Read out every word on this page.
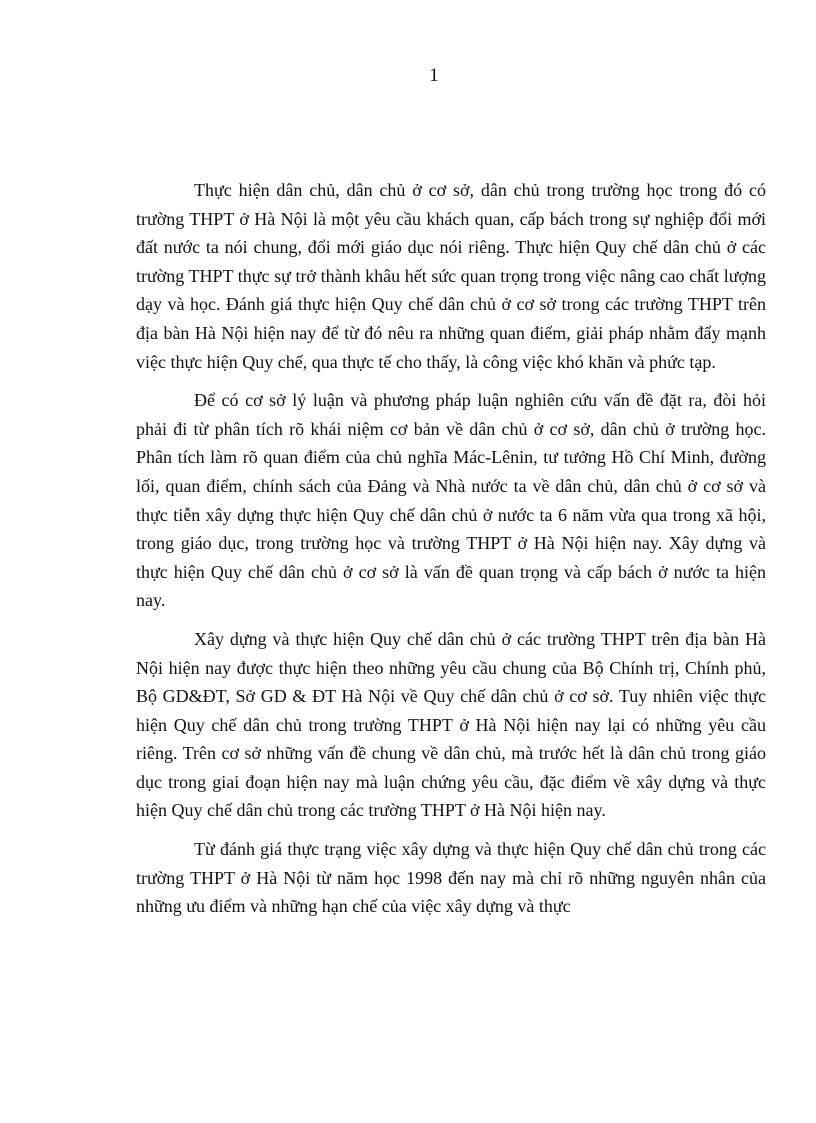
1

Thực hiện dân chủ, dân chủ ở cơ sở, dân chủ trong trường học trong đó có trường THPT ở Hà Nội là một yêu cầu khách quan, cấp bách trong sự nghiệp đổi mới đất nước ta nói chung, đổi mới giáo dục nói riêng. Thực hiện Quy chế dân chủ ở các trường THPT thực sự trở thành khâu hết sức quan trọng trong việc nâng cao chất lượng dạy và học. Đánh giá thực hiện Quy chế dân chủ ở cơ sở trong các trường THPT trên địa bàn Hà Nội hiện nay để từ đó nêu ra những quan điểm, giải pháp nhằm đẩy mạnh việc thực hiện Quy chế, qua thực tế cho thấy, là công việc khó khăn và phức tạp.

Để có cơ sở lý luận và phương pháp luận nghiên cứu vấn đề đặt ra, đòi hỏi phải đi từ phân tích rõ khái niệm cơ bản về dân chủ ở cơ sở, dân chủ ở trường học. Phân tích làm rõ quan điểm của chủ nghĩa Mác-Lênin, tư tưởng Hồ Chí Minh, đường lối, quan điểm, chính sách của Đảng và Nhà nước ta về dân chủ, dân chủ ở cơ sở và thực tiễn xây dựng thực hiện Quy chế dân chủ ở nước ta 6 năm vừa qua trong xã hội, trong giáo dục, trong trường học và trường THPT ở Hà Nội hiện nay. Xây dựng và thực hiện Quy chế dân chủ ở cơ sở là vấn đề quan trọng và cấp bách ở nước ta hiện nay.

Xây dựng và thực hiện Quy chế dân chủ ở các trường THPT trên địa bàn Hà Nội hiện nay được thực hiện theo những yêu cầu chung của Bộ Chính trị, Chính phủ, Bộ GD&ĐT, Sở GD & ĐT Hà Nội về Quy chế dân chủ ở cơ sở. Tuy nhiên việc thực hiện Quy chế dân chủ trong trường THPT ở Hà Nội hiện nay lại có những yêu cầu riêng. Trên cơ sở những vấn đề chung về dân chủ, mà trước hết là dân chủ trong giáo dục trong giai đoạn hiện nay mà luận chứng yêu cầu, đặc điểm về xây dựng và thực hiện Quy chế dân chủ trong các trường THPT ở Hà Nội hiện nay.

Từ đánh giá thực trạng việc xây dựng và thực hiện Quy chế dân chủ trong các trường THPT ở Hà Nội từ năm học 1998 đến nay mà chỉ rõ những nguyên nhân của những ưu điểm và những hạn chế của việc xây dựng và thực
